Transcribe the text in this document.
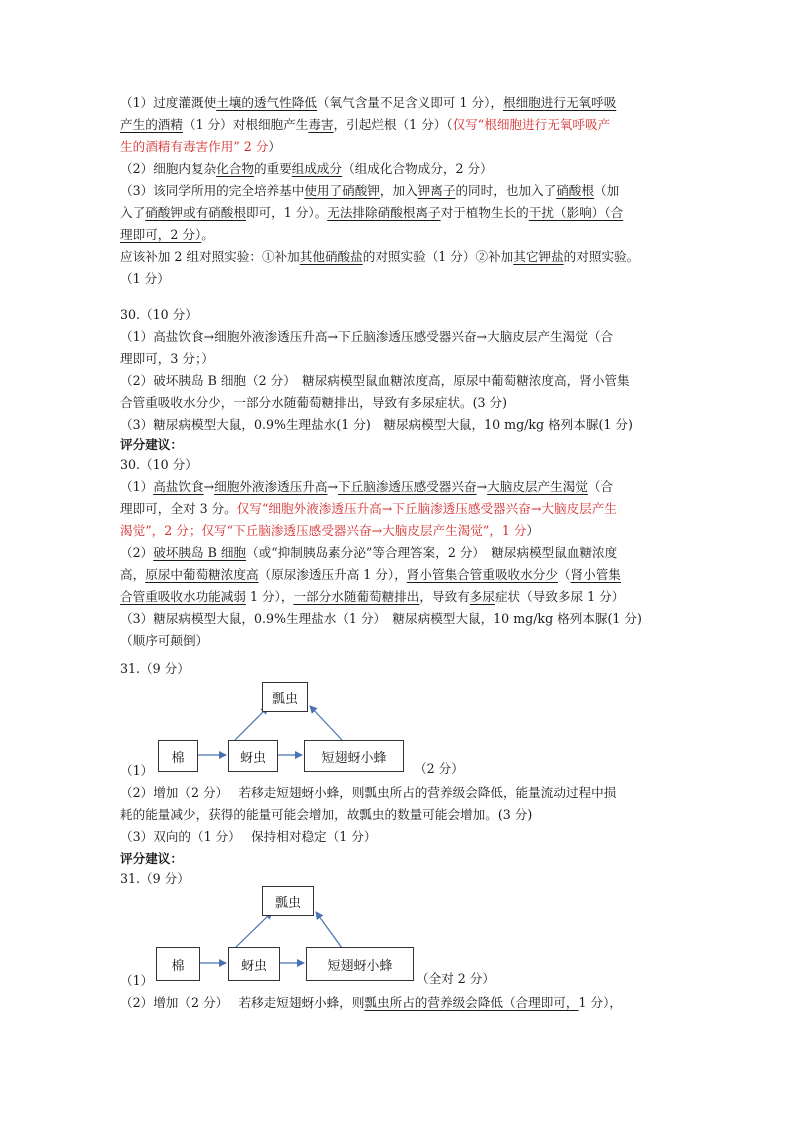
（1）过度灌溉使土壤的透气性降低（氧气含量不足含义即可 1 分），根细胞进行无氧呼吸
产生的酒精（1 分）对根细胞产生毒害，引起烂根（1 分）（仅写“根细胞进行无氧呼吸产
生的酒精有毒害作用” 2 分）
（2）细胞内复杂化合物的重要组成成分（组成化合物成分，2 分）
（3）该同学所用的完全培养基中使用了硝酸钾，加入钾离子的同时，也加入了硝酸根（加
入了硝酸钾或有硝酸根即可，1 分）。无法排除硝酸根离子对于植物生长的干扰（影响）（合
理即可，2 分）。
应该补加 2 组对照实验：①补加其他硝酸盐的对照实验（1 分）②补加其它钾盐的对照实验。
（1 分）
30.（10 分）
（1）高盐饮食→细胞外液渗透压升高→下丘脑渗透压感受器兴奋→大脑皮层产生渴觉（合
理即可，3 分；）
（2）破坏胰岛 B 细胞（2 分）　糖尿病模型鼠血糖浓度高，原尿中葡萄糖浓度高，肾小管集
合管重吸收水分少，一部分水随葡萄糖排出，导致有多尿症状。(3 分)
（3）糖尿病模型大鼠，0.9%生理盐水(1 分)　糖尿病模型大鼠，10 mg/kg 格列本脲(1 分)
评分建议：
30.（10 分）
（1）高盐饮食→细胞外液渗透压升高→下丘脑渗透压感受器兴奋→大脑皮层产生渴觉（合
理即可，全对 3 分。仅写“细胞外液渗透压升高→下丘脑渗透压感受器兴奋→大脑皮层产生
渴觉”，2 分；仅写“下丘脑渗透压感受器兴奋→大脑皮层产生渴觉”，1 分）
（2）破坏胰岛 B 细胞（或“抑制胰岛素分泌”等合理答案，2 分）　糖尿病模型鼠血糖浓度
高，原尿中葡萄糖浓度高（原尿渗透压升高 1 分），肾小管集合管重吸收水分少（肾小管集
合管重吸收水功能减弱 1 分），一部分水随葡萄糖排出，导致有多尿症状（导致多尿 1 分）
（3）糖尿病模型大鼠，0.9%生理盐水（1 分）　糖尿病模型大鼠，10 mg/kg 格列本脲(1 分)
（顺序可颠倒）
31.（9 分）
瓢虫
棉	蚜虫	短翅蚜小蜂
（1）	（2 分）
（2）增加（2 分）　 若移走短翅蚜小蜂，则瓢虫所占的营养级会降低，能量流动过程中损
耗的能量减少，获得的能量可能会增加，故瓢虫的数量可能会增加。(3 分)
（3）双向的（1 分）　 保持相对稳定（1 分）
评分建议：
31.（9 分）
瓢虫
棉	蚜虫	短翅蚜小蜂
（1）	（全对 2 分）
（2）增加（2 分）　 若移走短翅蚜小蜂，则瓢虫所占的营养级会降低（合理即可，1 分），
